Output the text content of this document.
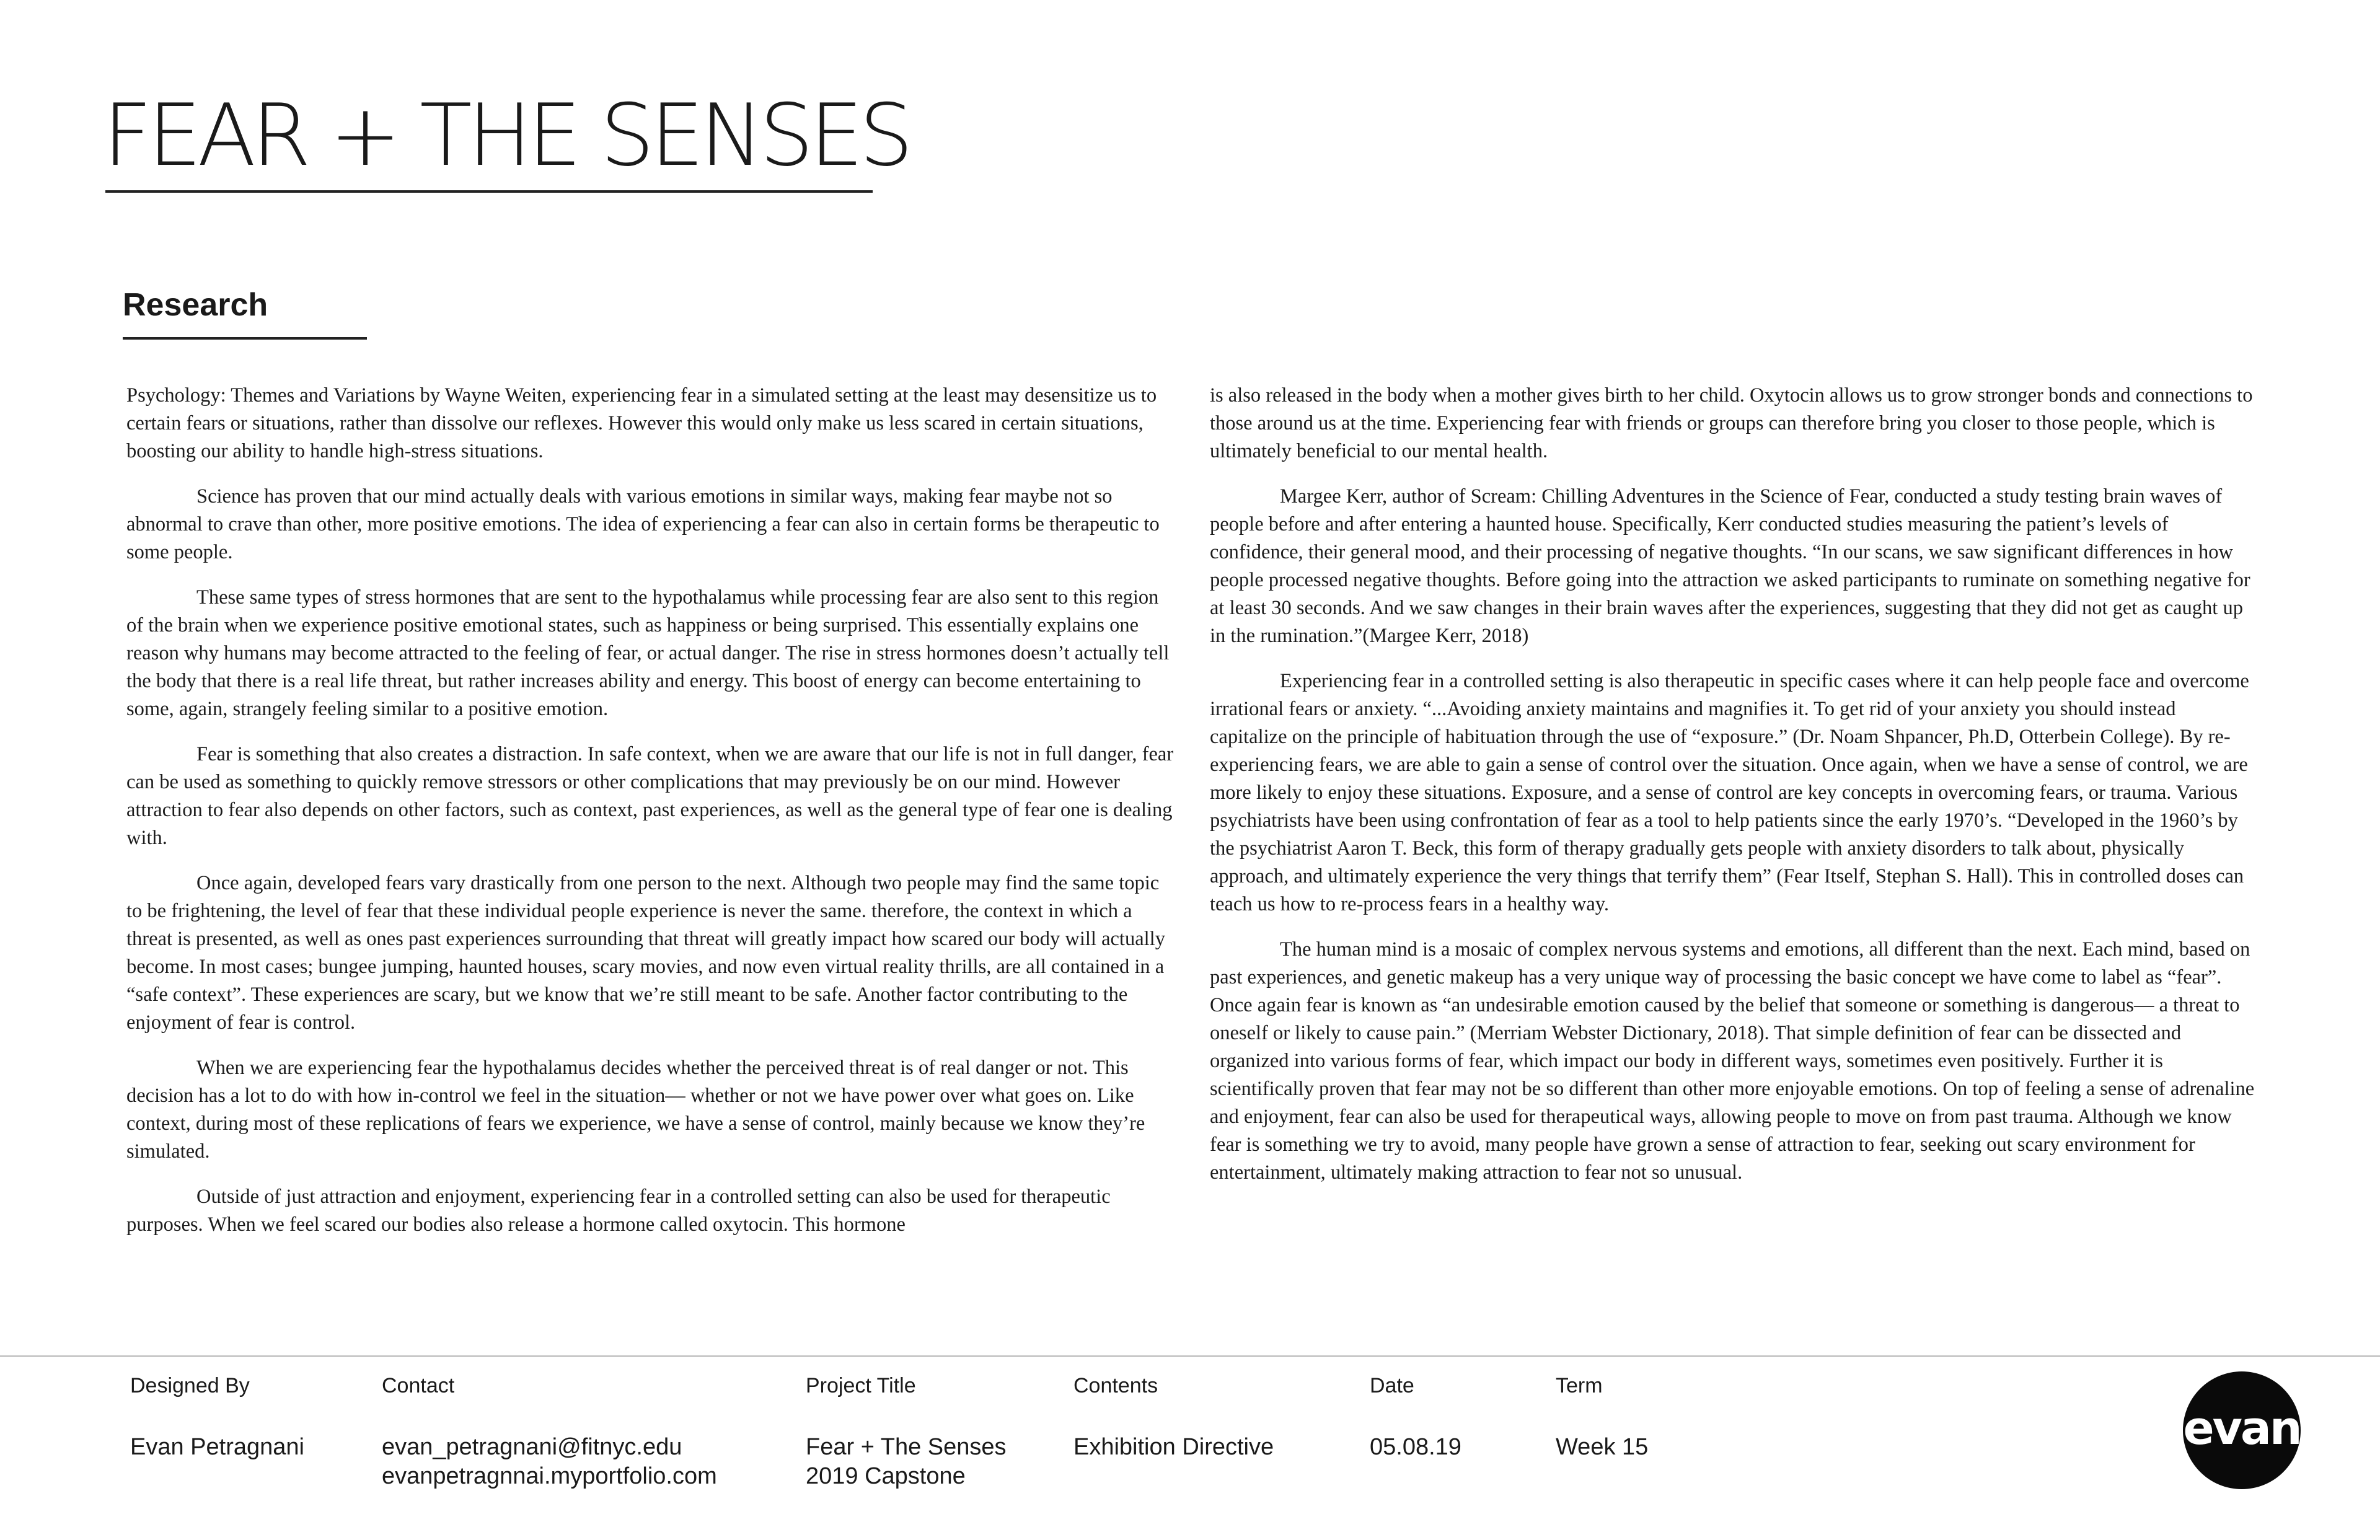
FEAR + THE SENSES
Research

Psychology: Themes and Variations by Wayne Weiten, experiencing fear in a simulated setting at the least may desensitize us to certain fears or situations, rather than dissolve our reflexes. However this would only make us less scared in certain situations, boosting our ability to handle high-stress situations.

Science has proven that our mind actually deals with various emotions in similar ways, making fear maybe not so abnormal to crave than other, more positive emotions. The idea of experiencing a fear can also in certain forms be therapeutic to some people.

These same types of stress hormones that are sent to the hypothalamus while processing fear are also sent to this region of the brain when we experience positive emotional states, such as happiness or being surprised. This essentially explains one reason why humans may become attracted to the feeling of fear, or actual danger. The rise in stress hormones doesn’t actually tell the body that there is a real life threat, but rather increases ability and energy. This boost of energy can become entertaining to some, again, strangely feeling similar to a positive emotion.

Fear is something that also creates a distraction. In safe context, when we are aware that our life is not in full danger, fear can be used as something to quickly remove stressors or other complications that may previously be on our mind. However attraction to fear also depends on other factors, such as context, past experiences, as well as the general type of fear one is dealing with.

Once again, developed fears vary drastically from one person to the next. Although two people may find the same topic to be frightening, the level of fear that these individual people experience is never the same. therefore, the context in which a threat is presented, as well as ones past experiences surrounding that threat will greatly impact how scared our body will actually become. In most cases; bungee jumping, haunted houses, scary movies, and now even virtual reality thrills, are all contained in a “safe context”. These experiences are scary, but we know that we’re still meant to be safe. Another factor contributing to the enjoyment of fear is control.

When we are experiencing fear the hypothalamus decides whether the perceived threat is of real danger or not. This decision has a lot to do with how in-control we feel in the situation— whether or not we have power over what goes on. Like context, during most of these replications of fears we experience, we have a sense of control, mainly because we know they’re simulated.

Outside of just attraction and enjoyment, experiencing fear in a controlled setting can also be used for therapeutic purposes. When we feel scared our bodies also release a hormone called oxytocin. This hormone

is also released in the body when a mother gives birth to her child. Oxytocin allows us to grow stronger bonds and connections to those around us at the time. Experiencing fear with friends or groups can therefore bring you closer to those people, which is ultimately beneficial to our mental health.

Margee Kerr, author of Scream: Chilling Adventures in the Science of Fear, conducted a study testing brain waves of people before and after entering a haunted house. Specifically, Kerr conducted studies measuring the patient’s levels of confidence, their general mood, and their processing of negative thoughts. “In our scans, we saw significant differences in how people processed negative thoughts. Before going into the attraction we asked participants to ruminate on something negative for at least 30 seconds. And we saw changes in their brain waves after the experiences, suggesting that they did not get as caught up in the rumination.”(Margee Kerr, 2018)

Experiencing fear in a controlled setting is also therapeutic in specific cases where it can help people face and overcome irrational fears or anxiety. “...Avoiding anxiety maintains and magnifies it. To get rid of your anxiety you should instead capitalize on the principle of habituation through the use of “exposure.” (Dr. Noam Shpancer, Ph.D, Otterbein College). By re-experiencing fears, we are able to gain a sense of control over the situation. Once again, when we have a sense of control, we are more likely to enjoy these situations. Exposure, and a sense of control are key concepts in overcoming fears, or trauma. Various psychiatrists have been using confrontation of fear as a tool to help patients since the early 1970’s. “Developed in the 1960’s by the psychiatrist Aaron T. Beck, this form of therapy gradually gets people with anxiety disorders to talk about, physically approach, and ultimately experience the very things that terrify them” (Fear Itself, Stephan S. Hall). This in controlled doses can teach us how to re-process fears in a healthy way.

The human mind is a mosaic of complex nervous systems and emotions, all different than the next. Each mind, based on past experiences, and genetic makeup has a very unique way of processing the basic concept we have come to label as “fear”. Once again fear is known as “an undesirable emotion caused by the belief that someone or something is dangerous— a threat to oneself or likely to cause pain.” (Merriam Webster Dictionary, 2018). That simple definition of fear can be dissected and organized into various forms of fear, which impact our body in different ways, sometimes even positively. Further it is scientifically proven that fear may not be so different than other more enjoyable emotions. On top of feeling a sense of adrenaline and enjoyment, fear can also be used for therapeutical ways, allowing people to move on from past trauma. Although we know fear is something we try to avoid, many people have grown a sense of attraction to fear, seeking out scary environment for entertainment, ultimately making attraction to fear not so unusual.

Designed By
Evan Petragnani
Contact
evan_petragnani@fitnyc.edu
evanpetragnnai.myportfolio.com
Project Title
Fear + The Senses
2019 Capstone
Contents
Exhibition Directive
Date
05.08.19
Term
Week 15	evan
